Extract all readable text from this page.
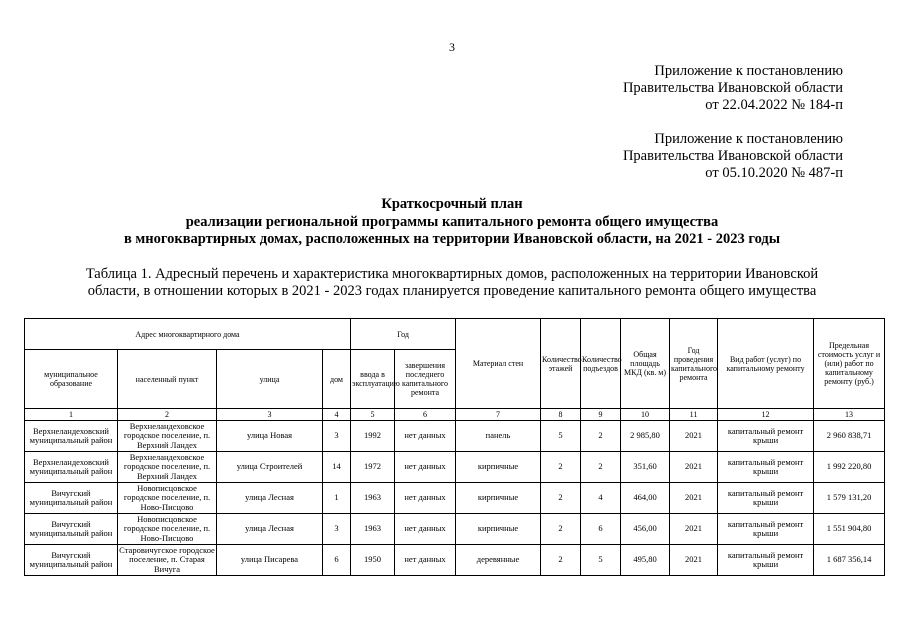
3
Приложение к постановлению
Правительства Ивановской области
от 22.04.2022 № 184-п
Приложение к постановлению
Правительства Ивановской области
от 05.10.2020 № 487-п
Краткосрочный план
реализации региональной программы капитального ремонта общего имущества
в многоквартирных домах, расположенных на территории Ивановской области, на 2021 - 2023 годы
Таблица 1. Адресный перечень и характеристика многоквартирных домов, расположенных на территории Ивановской
области, в отношении которых в 2021 - 2023 годах планируется проведение капитального ремонта общего имущества
Адрес многоквартирного дома				Год		Материал стен	Количество этажей	Количество подъездов	Общая площадь МКД (кв. м)	Год проведения капитального ремонта	Вид работ (услуг) по капитальному ремонту	Предельная стоимость услуг и (или) работ по капитальному ремонту (руб.)
муниципальное образование	населенный пункт	улица	дом	ввода в эксплуатацию	завершения последнего капитального ремонта							
1	2	3	4	5	6	7	8	9	10	11	12	13
Верхнеландеховский муниципальный район	Верхнеландеховское городское поселение, п. Верхний Ландех	улица Новая	3	1992	нет данных	панель	5	2	2 985,80	2021	капитальный ремонт крыши	2 960 838,71
Верхнеландеховский муниципальный район	Верхнеландеховское городское поселение, п. Верхний Ландех	улица Строителей	14	1972	нет данных	кирпичные	2	2	351,60	2021	капитальный ремонт крыши	1 992 220,80
Вичугский муниципальный район	Новописцовское городское поселение, п. Ново-Писцово	улица Лесная	1	1963	нет данных	кирпичные	2	4	464,00	2021	капитальный ремонт крыши	1 579 131,20
Вичугский муниципальный район	Новописцовское городское поселение, п. Ново-Писцово	улица Лесная	3	1963	нет данных	кирпичные	2	6	456,00	2021	капитальный ремонт крыши	1 551 904,80
Вичугский муниципальный район	Старовичугское городское поселение, п. Старая Вичуга	улица Писарева	6	1950	нет данных	деревянные	2	5	495,80	2021	капитальный ремонт крыши	1 687 356,14
